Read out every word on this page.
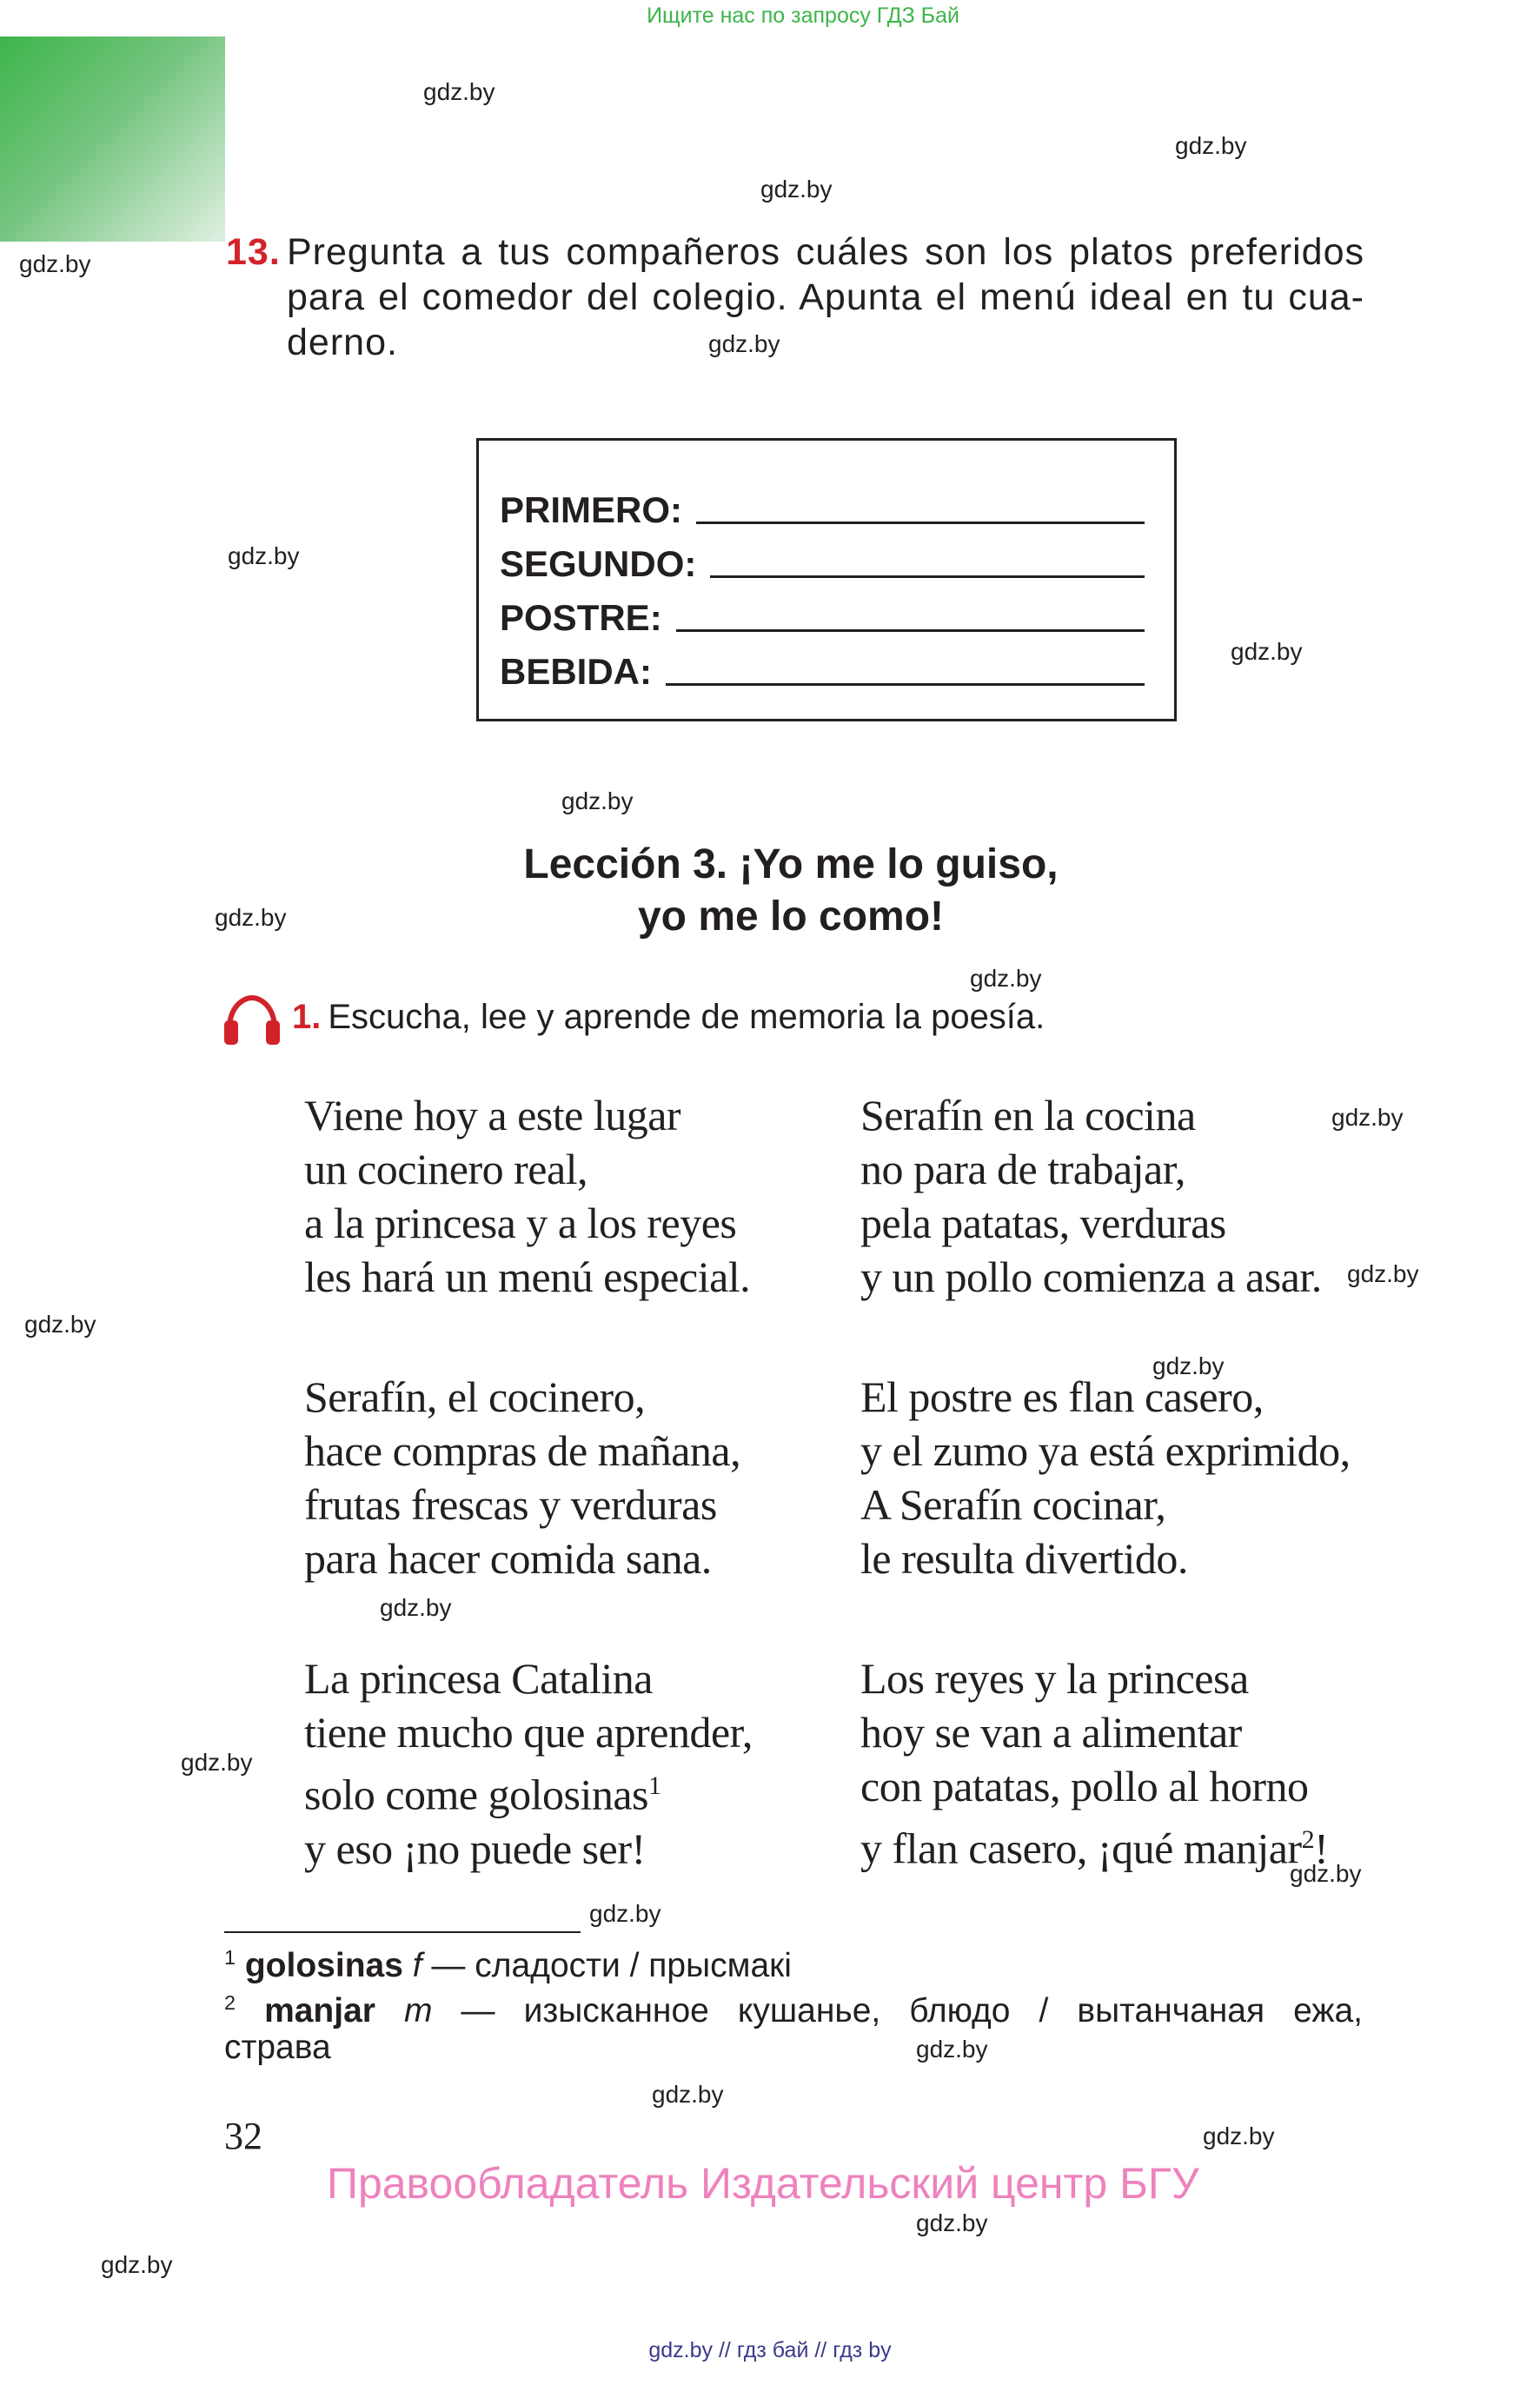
Ищите нас по запросу ГДЗ Бай
gdz.by
gdz.by
gdz.by
gdz.by
gdz.by
gdz.by
gdz.by
gdz.by
gdz.by
gdz.by
gdz.by
gdz.by
gdz.by
gdz.by
gdz.by
gdz.by
gdz.by
gdz.by
gdz.by
gdz.by
gdz.by
gdz.by
gdz.by
13. Pregunta a tus compañeros cuáles son los platos preferidos para el comedor del colegio. Apunta el menú ideal en tu cua-derno.
PRIMERO:
SEGUNDO:
POSTRE:
BEBIDA:
Lección 3. ¡Yo me lo guiso,
yo me lo como!
1. Escucha, lee y aprende de memoria la poesía.
Viene hoy a este lugar
un cocinero real,
a la princesa y a los reyes
les hará un menú especial.
Serafín, el cocinero,
hace compras de mañana,
frutas frescas y verduras
para hacer comida sana.
La princesa Catalina
tiene mucho que aprender,
solo come golosinas$^1$
y eso ¡no puede ser!
Serafín en la cocina
no para de trabajar,
pela patatas, verduras
y un pollo comienza a asar.
El postre es flan casero,
y el zumo ya está exprimido,
A Serafín cocinar,
le resulta divertido.
Los reyes y la princesa
hoy se van a alimentar
con patatas, pollo al horno
y flan casero, ¡qué manjar$^2$!
$^1$ golosinas f — сладости / прысмакі
$^2$ manjar m — изысканное кушанье, блюдо / вытанчаная ежа,
страва
32
Правообладатель Издательский центр БГУ
gdz.by // гдз бай // гдз by
